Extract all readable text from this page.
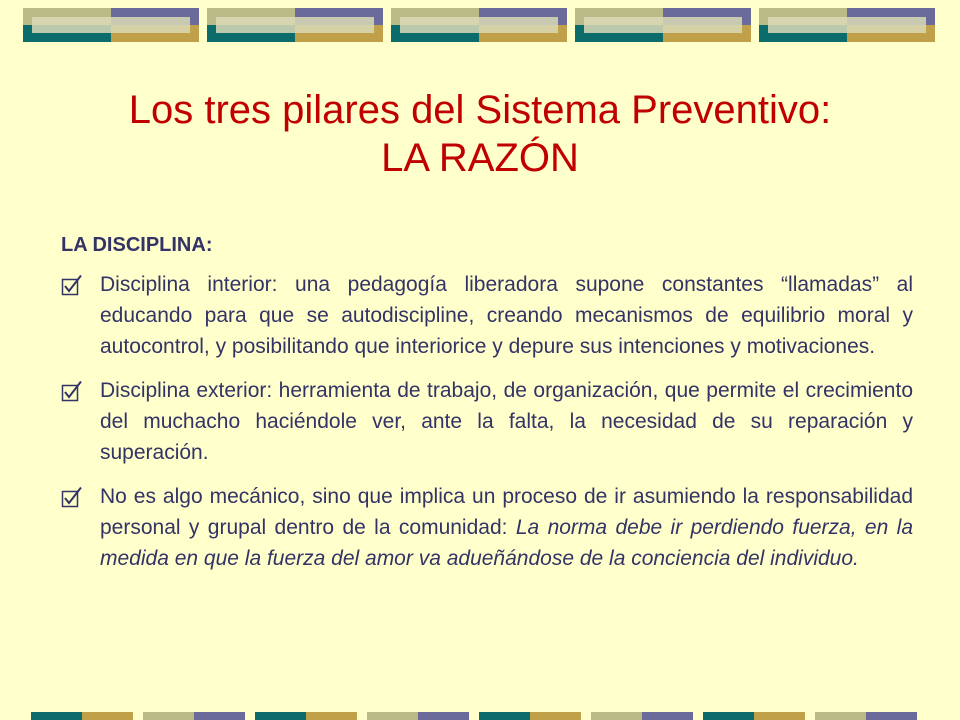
Los tres pilares del Sistema Preventivo:
LA RAZÓN
LA DISCIPLINA:
Disciplina interior: una pedagogía liberadora supone constantes “llamadas” al educando para que se autodiscipline, creando mecanismos de equilibrio moral y autocontrol, y posibilitando que interiorice y depure sus intenciones y motivaciones.
Disciplina exterior: herramienta de trabajo, de organización, que permite el crecimiento del muchacho haciéndole ver, ante la falta, la necesidad de su reparación y superación.
No es algo mecánico, sino que implica un proceso de ir asumiendo la responsabilidad personal y grupal dentro de la comunidad: La norma debe ir perdiendo fuerza, en la medida en que la fuerza del amor va adueñándose de la conciencia del individuo.
